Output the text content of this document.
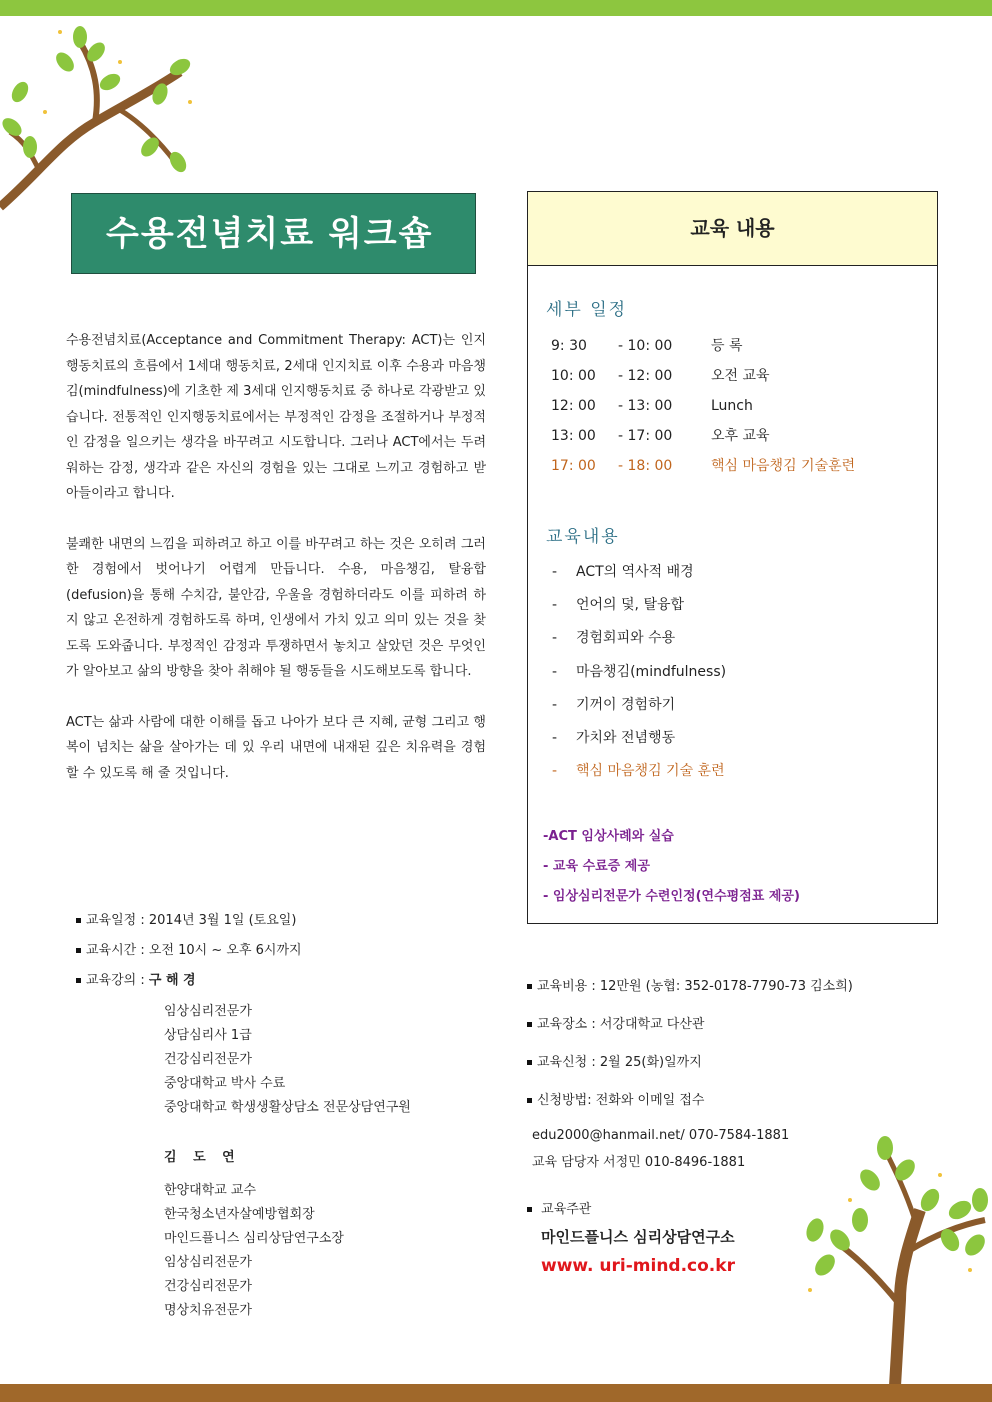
수용전념치료 워크숍

수용전념치료(Acceptance and Commitment Therapy: ACT)는 인지행동치료의 흐름에서 1세대 행동치료, 2세대 인지치료 이후 수용과 마음챙김(mindfulness)에 기초한 제 3세대 인지행동치료 중 하나로 각광받고 있습니다. 전통적인 인지행동치료에서는 부정적인 감정을 조절하거나 부정적인 감정을 일으키는 생각을 바꾸려고 시도합니다. 그러나 ACT에서는 두려워하는 감정, 생각과 같은 자신의 경험을 있는 그대로 느끼고 경험하고 받아들이라고 합니다.

불쾌한 내면의 느낌을 피하려고 하고 이를 바꾸려고 하는 것은 오히려 그러한 경험에서 벗어나기 어렵게 만듭니다. 수용, 마음챙김, 탈융합(defusion)을 통해 수치감, 불안감, 우울을 경험하더라도 이를 피하려 하지 않고 온전하게 경험하도록 하며, 인생에서 가치 있고 의미 있는 것을 찾도록 도와줍니다. 부정적인 감정과 투쟁하면서 놓치고 살았던 것은 무엇인가 알아보고 삶의 방향을 찾아 취해야 될 행동들을 시도해보도록 합니다.

ACT는 삶과 사람에 대한 이해를 돕고 나아가 보다 큰 지혜, 균형 그리고 행복이 넘치는 삶을 살아가는 데 있 우리 내면에 내재된 깊은 치유력을 경험할 수 있도록 해 줄 것입니다.

교육일정 : 2014년 3월 1일 (토요일)
교육시간 : 오전 10시 ~ 오후 6시까지
교육강의 : 구 해 경
임상심리전문가
상담심리사 1급
건강심리전문가
중앙대학교 박사 수료
중앙대학교 학생생활상담소 전문상담연구원
김 도 연
한양대학교 교수
한국청소년자살예방협회장
마인드플니스 심리상담연구소장
임상심리전문가
건강심리전문가
명상치유전문가
교육 내용
세부 일정
9: 30 - 10: 00	등 록
10: 00 - 12: 00	오전 교육
12: 00 - 13: 00	Lunch
13: 00 - 17: 00	오후 교육
17: 00 - 18: 00	핵심 마음챙김 기술훈련
교육내용
- ACT의 역사적 배경
- 언어의 덫, 탈융합
- 경험회피와 수용
- 마음챙김(mindfulness)
- 기꺼이 경험하기
- 가치와 전념행동
- 핵심 마음챙김 기술 훈련
-ACT 임상사례와 실습
- 교육 수료증 제공
- 임상심리전문가 수련인정(연수평점표 제공)
교육비용 : 12만원 (농협: 352-0178-7790-73 김소희)
교육장소 : 서강대학교 다산관
교육신청 : 2월 25(화)일까지
신청방법: 전화와 이메일 접수
edu2000@hanmail.net/ 070-7584-1881
교육 담당자 서정민 010-8496-1881
교육주관
마인드플니스 심리상담연구소
www. uri-mind.co.kr
